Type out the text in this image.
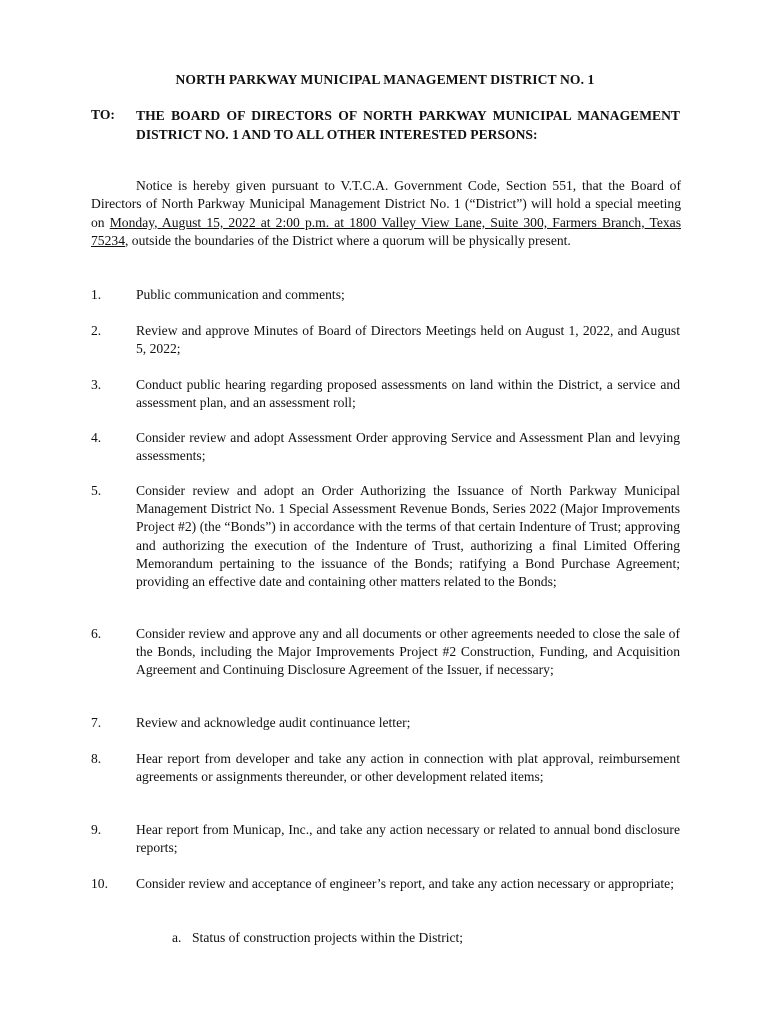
NORTH PARKWAY MUNICIPAL MANAGEMENT DISTRICT NO. 1
TO: THE BOARD OF DIRECTORS OF NORTH PARKWAY MUNICIPAL MANAGEMENT DISTRICT NO. 1 AND TO ALL OTHER INTERESTED PERSONS:
Notice is hereby given pursuant to V.T.C.A. Government Code, Section 551, that the Board of Directors of North Parkway Municipal Management District No. 1 (“District”) will hold a special meeting on Monday, August 15, 2022 at 2:00 p.m. at 1800 Valley View Lane, Suite 300, Farmers Branch, Texas 75234, outside the boundaries of the District where a quorum will be physically present.
1.	Public communication and comments;
2.	Review and approve Minutes of Board of Directors Meetings held on August 1, 2022, and August 5, 2022;
3.	Conduct public hearing regarding proposed assessments on land within the District, a service and assessment plan, and an assessment roll;
4.	Consider review and adopt Assessment Order approving Service and Assessment Plan and levying assessments;
5.	Consider review and adopt an Order Authorizing the Issuance of North Parkway Municipal Management District No. 1 Special Assessment Revenue Bonds, Series 2022 (Major Improvements Project #2) (the “Bonds”) in accordance with the terms of that certain Indenture of Trust; approving and authorizing the execution of the Indenture of Trust, authorizing a final Limited Offering Memorandum pertaining to the issuance of the Bonds; ratifying a Bond Purchase Agreement; providing an effective date and containing other matters related to the Bonds;
6.	Consider review and approve any and all documents or other agreements needed to close the sale of the Bonds, including the Major Improvements Project #2 Construction, Funding, and Acquisition Agreement and Continuing Disclosure Agreement of the Issuer, if necessary;
7.	Review and acknowledge audit continuance letter;
8.	Hear report from developer and take any action in connection with plat approval, reimbursement agreements or assignments thereunder, or other development related items;
9.	Hear report from Municap, Inc., and take any action necessary or related to annual bond disclosure reports;
10. Consider review and acceptance of engineer’s report, and take any action necessary or appropriate;
a. Status of construction projects within the District;
